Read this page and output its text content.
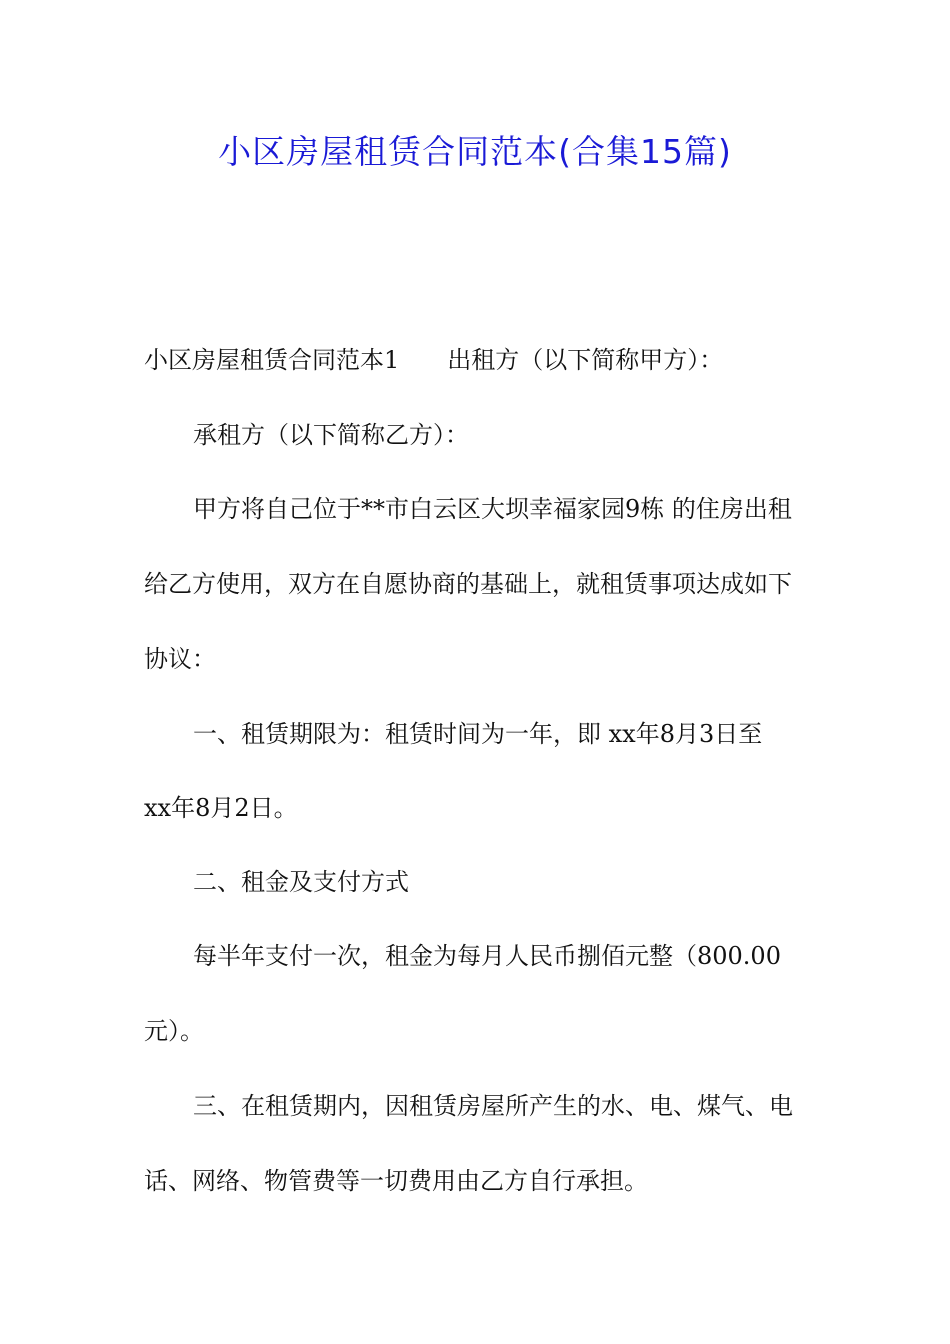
小区房屋租赁合同范本(合集15篇)

小区房屋租赁合同范本1 出租方（以下简称甲方）：

承租方（以下简称乙方）：

甲方将自己位于**市白云区大坝幸福家园9栋 的住房出租

给乙方使用，双方在自愿协商的基础上，就租赁事项达成如下

协议：

一、租赁期限为：租赁时间为一年，即 xx年8月3日至

xx年8月2日。

二、租金及支付方式

每半年支付一次，租金为每月人民币捌佰元整（800.00

元）。

三、在租赁期内，因租赁房屋所产生的水、电、煤气、电

话、网络、物管费等一切费用由乙方自行承担。
